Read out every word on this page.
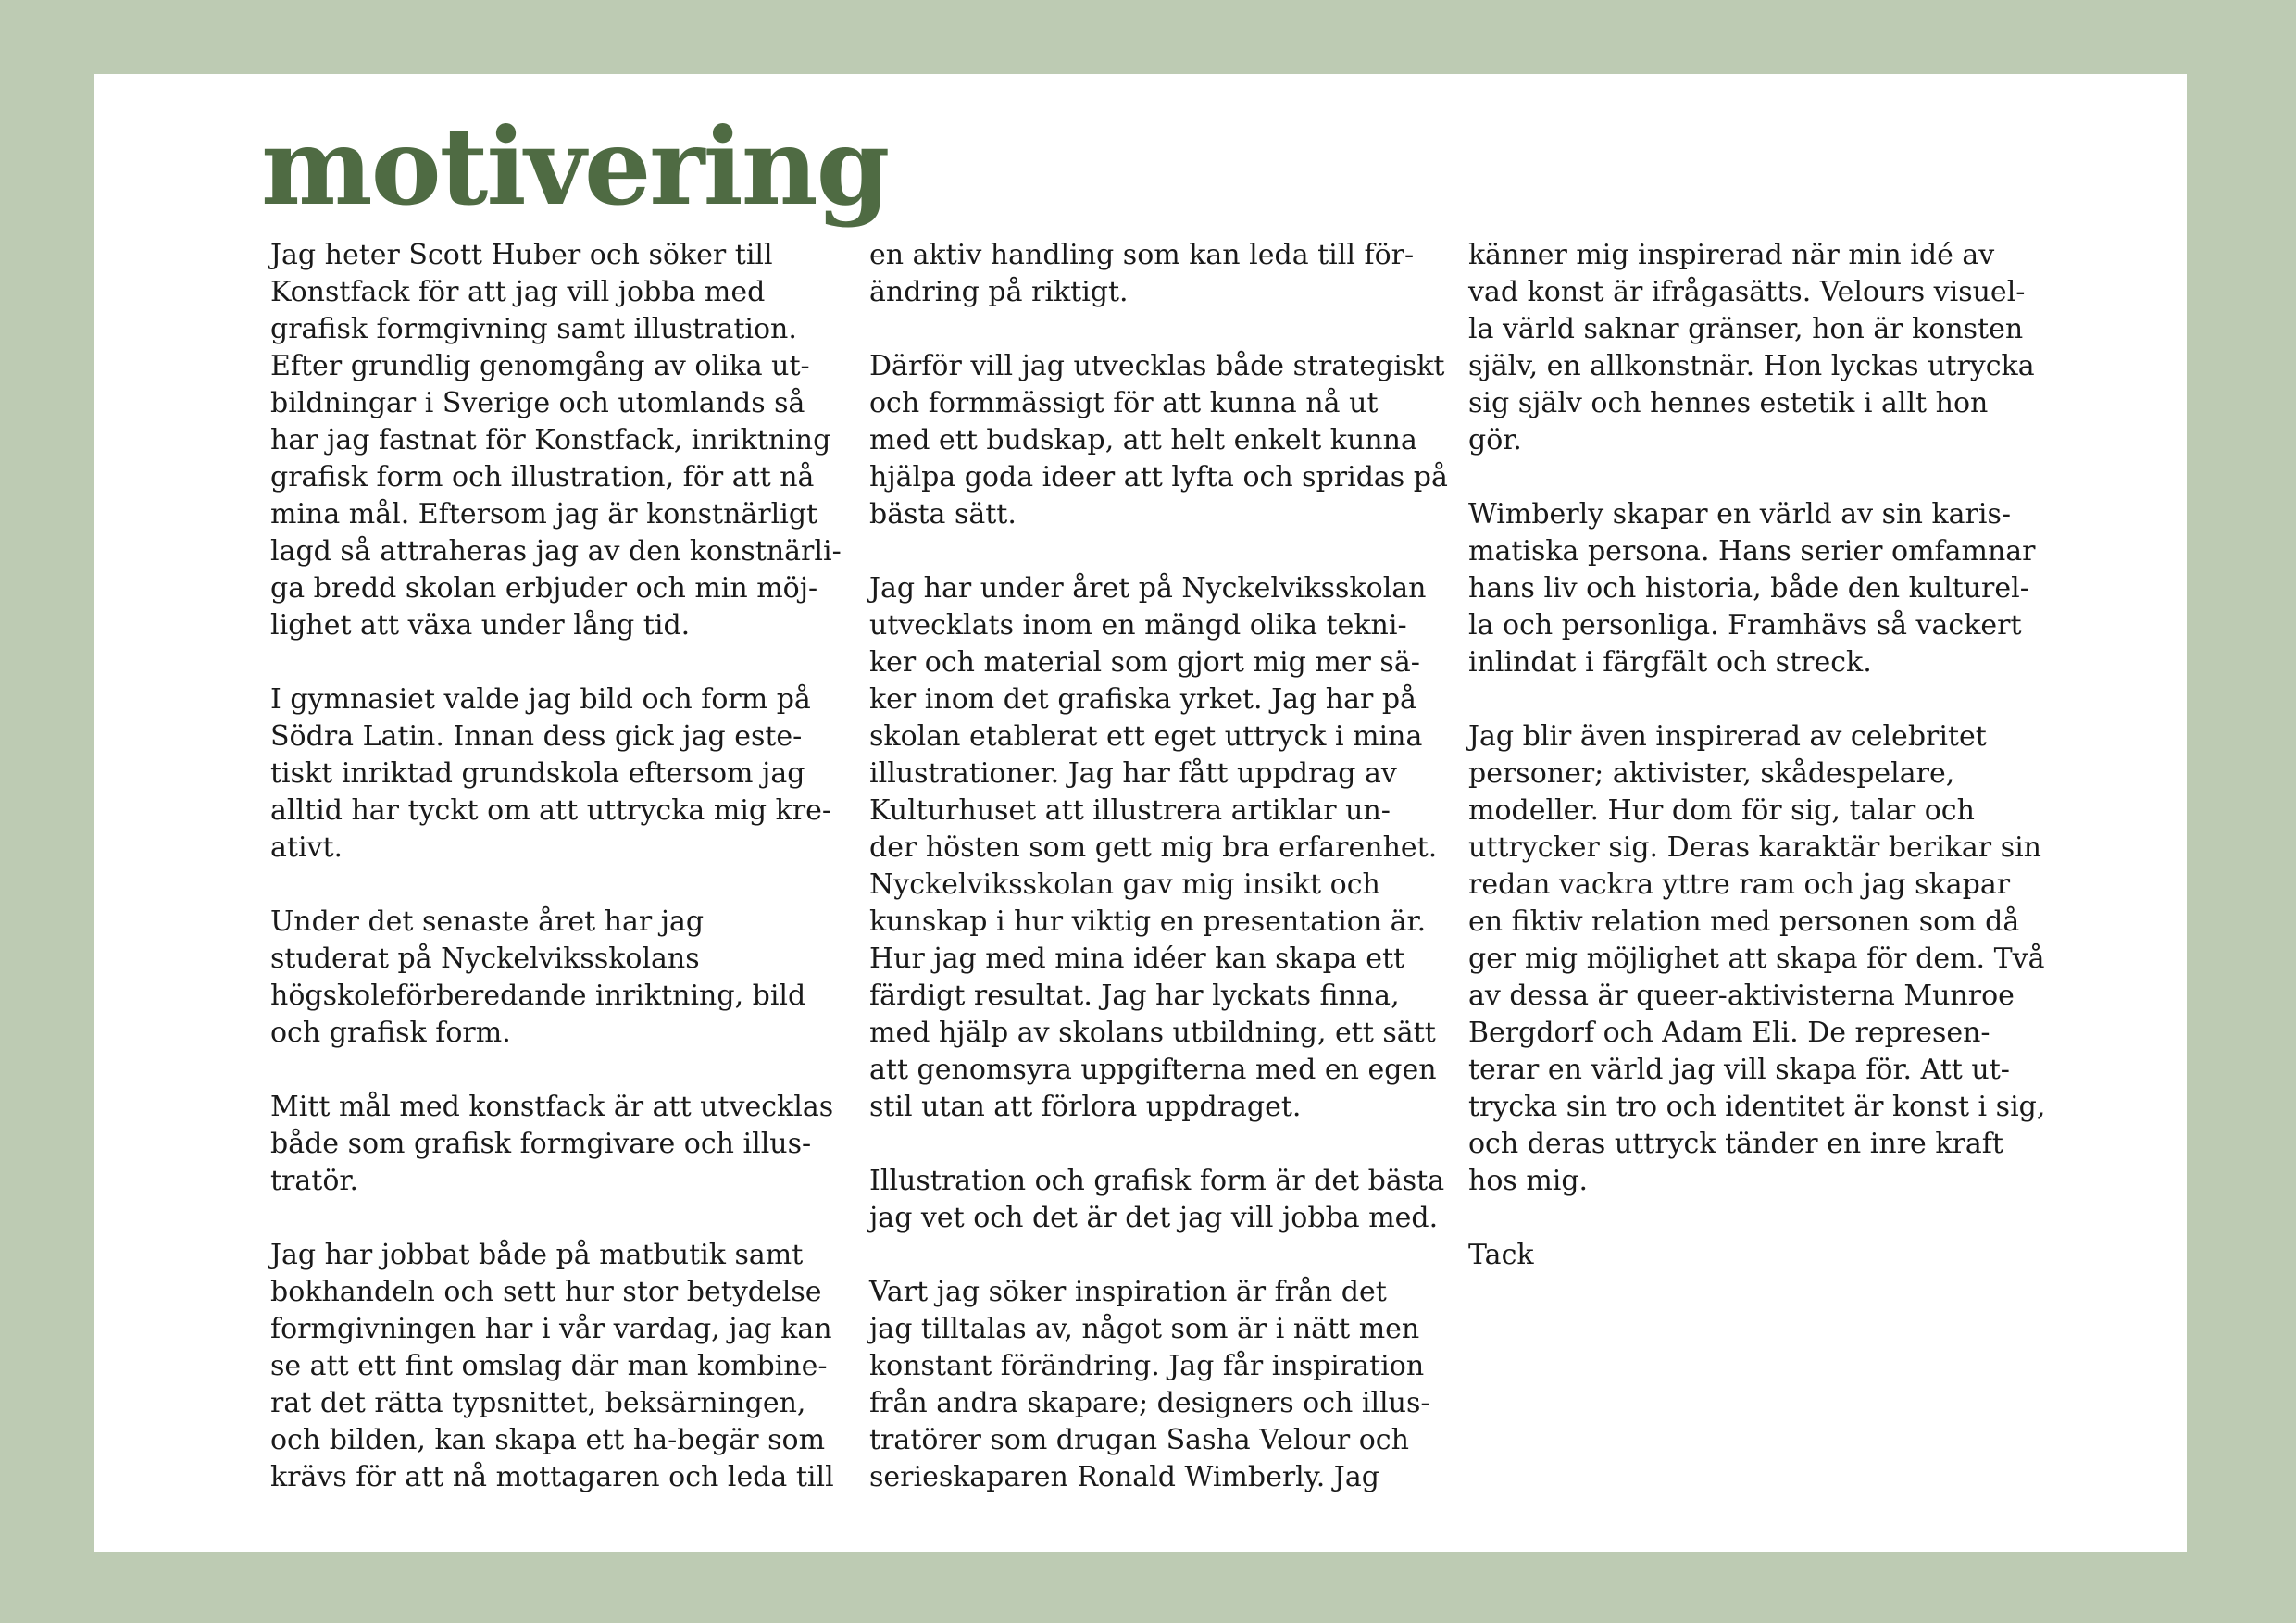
motivering
Jag heter Scott Huber och söker till
Konstfack för att jag vill jobba med
grafisk formgivning samt illustration.
Efter grundlig genomgång av olika ut-
bildningar i Sverige och utomlands så
har jag fastnat för Konstfack, inriktning
grafisk form och illustration, för att nå
mina mål. Eftersom jag är konstnärligt
lagd så attraheras jag av den konstnärli-
ga bredd skolan erbjuder och min möj-
lighet att växa under lång tid.
I gymnasiet valde jag bild och form på
Södra Latin. Innan dess gick jag este-
tiskt inriktad grundskola eftersom jag
alltid har tyckt om att uttrycka mig kre-
ativt.
Under det senaste året har jag
studerat på Nyckelviksskolans
högskoleförberedande inriktning, bild
och grafisk form.
Mitt mål med konstfack är att utvecklas
både som grafisk formgivare och illus-
tratör.
Jag har jobbat både på matbutik samt
bokhandeln och sett hur stor betydelse
formgivningen har i vår vardag, jag kan
se att ett fint omslag där man kombine-
rat det rätta typsnittet, beksärningen,
och bilden, kan skapa ett ha-begär som
krävs för att nå mottagaren och leda till
en aktiv handling som kan leda till för-
ändring på riktigt.
Därför vill jag utvecklas både strategiskt
och formmässigt för att kunna nå ut
med ett budskap, att helt enkelt kunna
hjälpa goda ideer att lyfta och spridas på
bästa sätt.
Jag har under året på Nyckelviksskolan
utvecklats inom en mängd olika tekni-
ker och material som gjort mig mer sä-
ker inom det grafiska yrket. Jag har på
skolan etablerat ett eget uttryck i mina
illustrationer. Jag har fått uppdrag av
Kulturhuset att illustrera artiklar un-
der hösten som gett mig bra erfarenhet.
Nyckelviksskolan gav mig insikt och
kunskap i hur viktig en presentation är.
Hur jag med mina idéer kan skapa ett
färdigt resultat. Jag har lyckats finna,
med hjälp av skolans utbildning, ett sätt
att genomsyra uppgifterna med en egen
stil utan att förlora uppdraget.
Illustration och grafisk form är det bästa
jag vet och det är det jag vill jobba med.
Vart jag söker inspiration är från det
jag tilltalas av, något som är i nätt men
konstant förändring. Jag får inspiration
från andra skapare; designers och illus-
tratörer som drugan Sasha Velour och
serieskaparen Ronald Wimberly. Jag
känner mig inspirerad när min idé av
vad konst är ifrågasätts. Velours visuel-
la värld saknar gränser, hon är konsten
själv, en allkonstnär. Hon lyckas utrycka
sig själv och hennes estetik i allt hon
gör.
Wimberly skapar en värld av sin karis-
matiska persona. Hans serier omfamnar
hans liv och historia, både den kulturel-
la och personliga. Framhävs så vackert
inlindat i färgfält och streck.
Jag blir även inspirerad av celebritet
personer; aktivister, skådespelare,
modeller. Hur dom för sig, talar och
uttrycker sig. Deras karaktär berikar sin
redan vackra yttre ram och jag skapar
en fiktiv relation med personen som då
ger mig möjlighet att skapa för dem. Två
av dessa är queer-aktivisterna Munroe
Bergdorf och Adam Eli. De represen-
terar en värld jag vill skapa för. Att ut-
trycka sin tro och identitet är konst i sig,
och deras uttryck tänder en inre kraft
hos mig.
Tack
